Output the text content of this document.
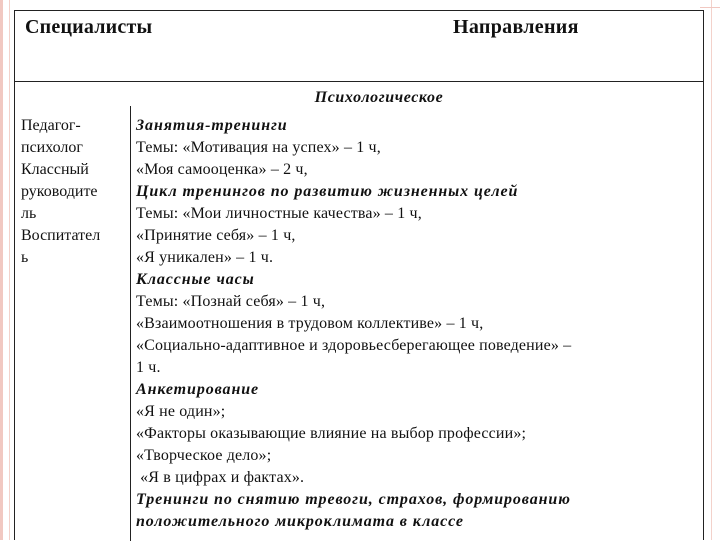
Специалисты	Направления
Психологическое
Педагог-
психолог
Классный
руководите
ль
Воспитател
ь
Занятия-тренинги
Темы: «Мотивация на успех» – 1 ч,
«Моя самооценка» – 2 ч,
Цикл тренингов по развитию жизненных целей
Темы: «Мои личностные качества» – 1 ч,
«Принятие себя» – 1 ч,
«Я уникален» – 1 ч.
Классные часы
Темы: «Познай себя» – 1 ч,
«Взаимоотношения в трудовом коллективе» – 1 ч,
«Социально-адаптивное и здоровьесберегающее поведение» –
1 ч.
Анкетирование
«Я не один»;
«Факторы оказывающие влияние на выбор профессии»;
«Творческое дело»;
«Я в цифрах и фактах».
Тренинги по снятию тревоги, страхов, формированию
положительного микроклимата в классе
